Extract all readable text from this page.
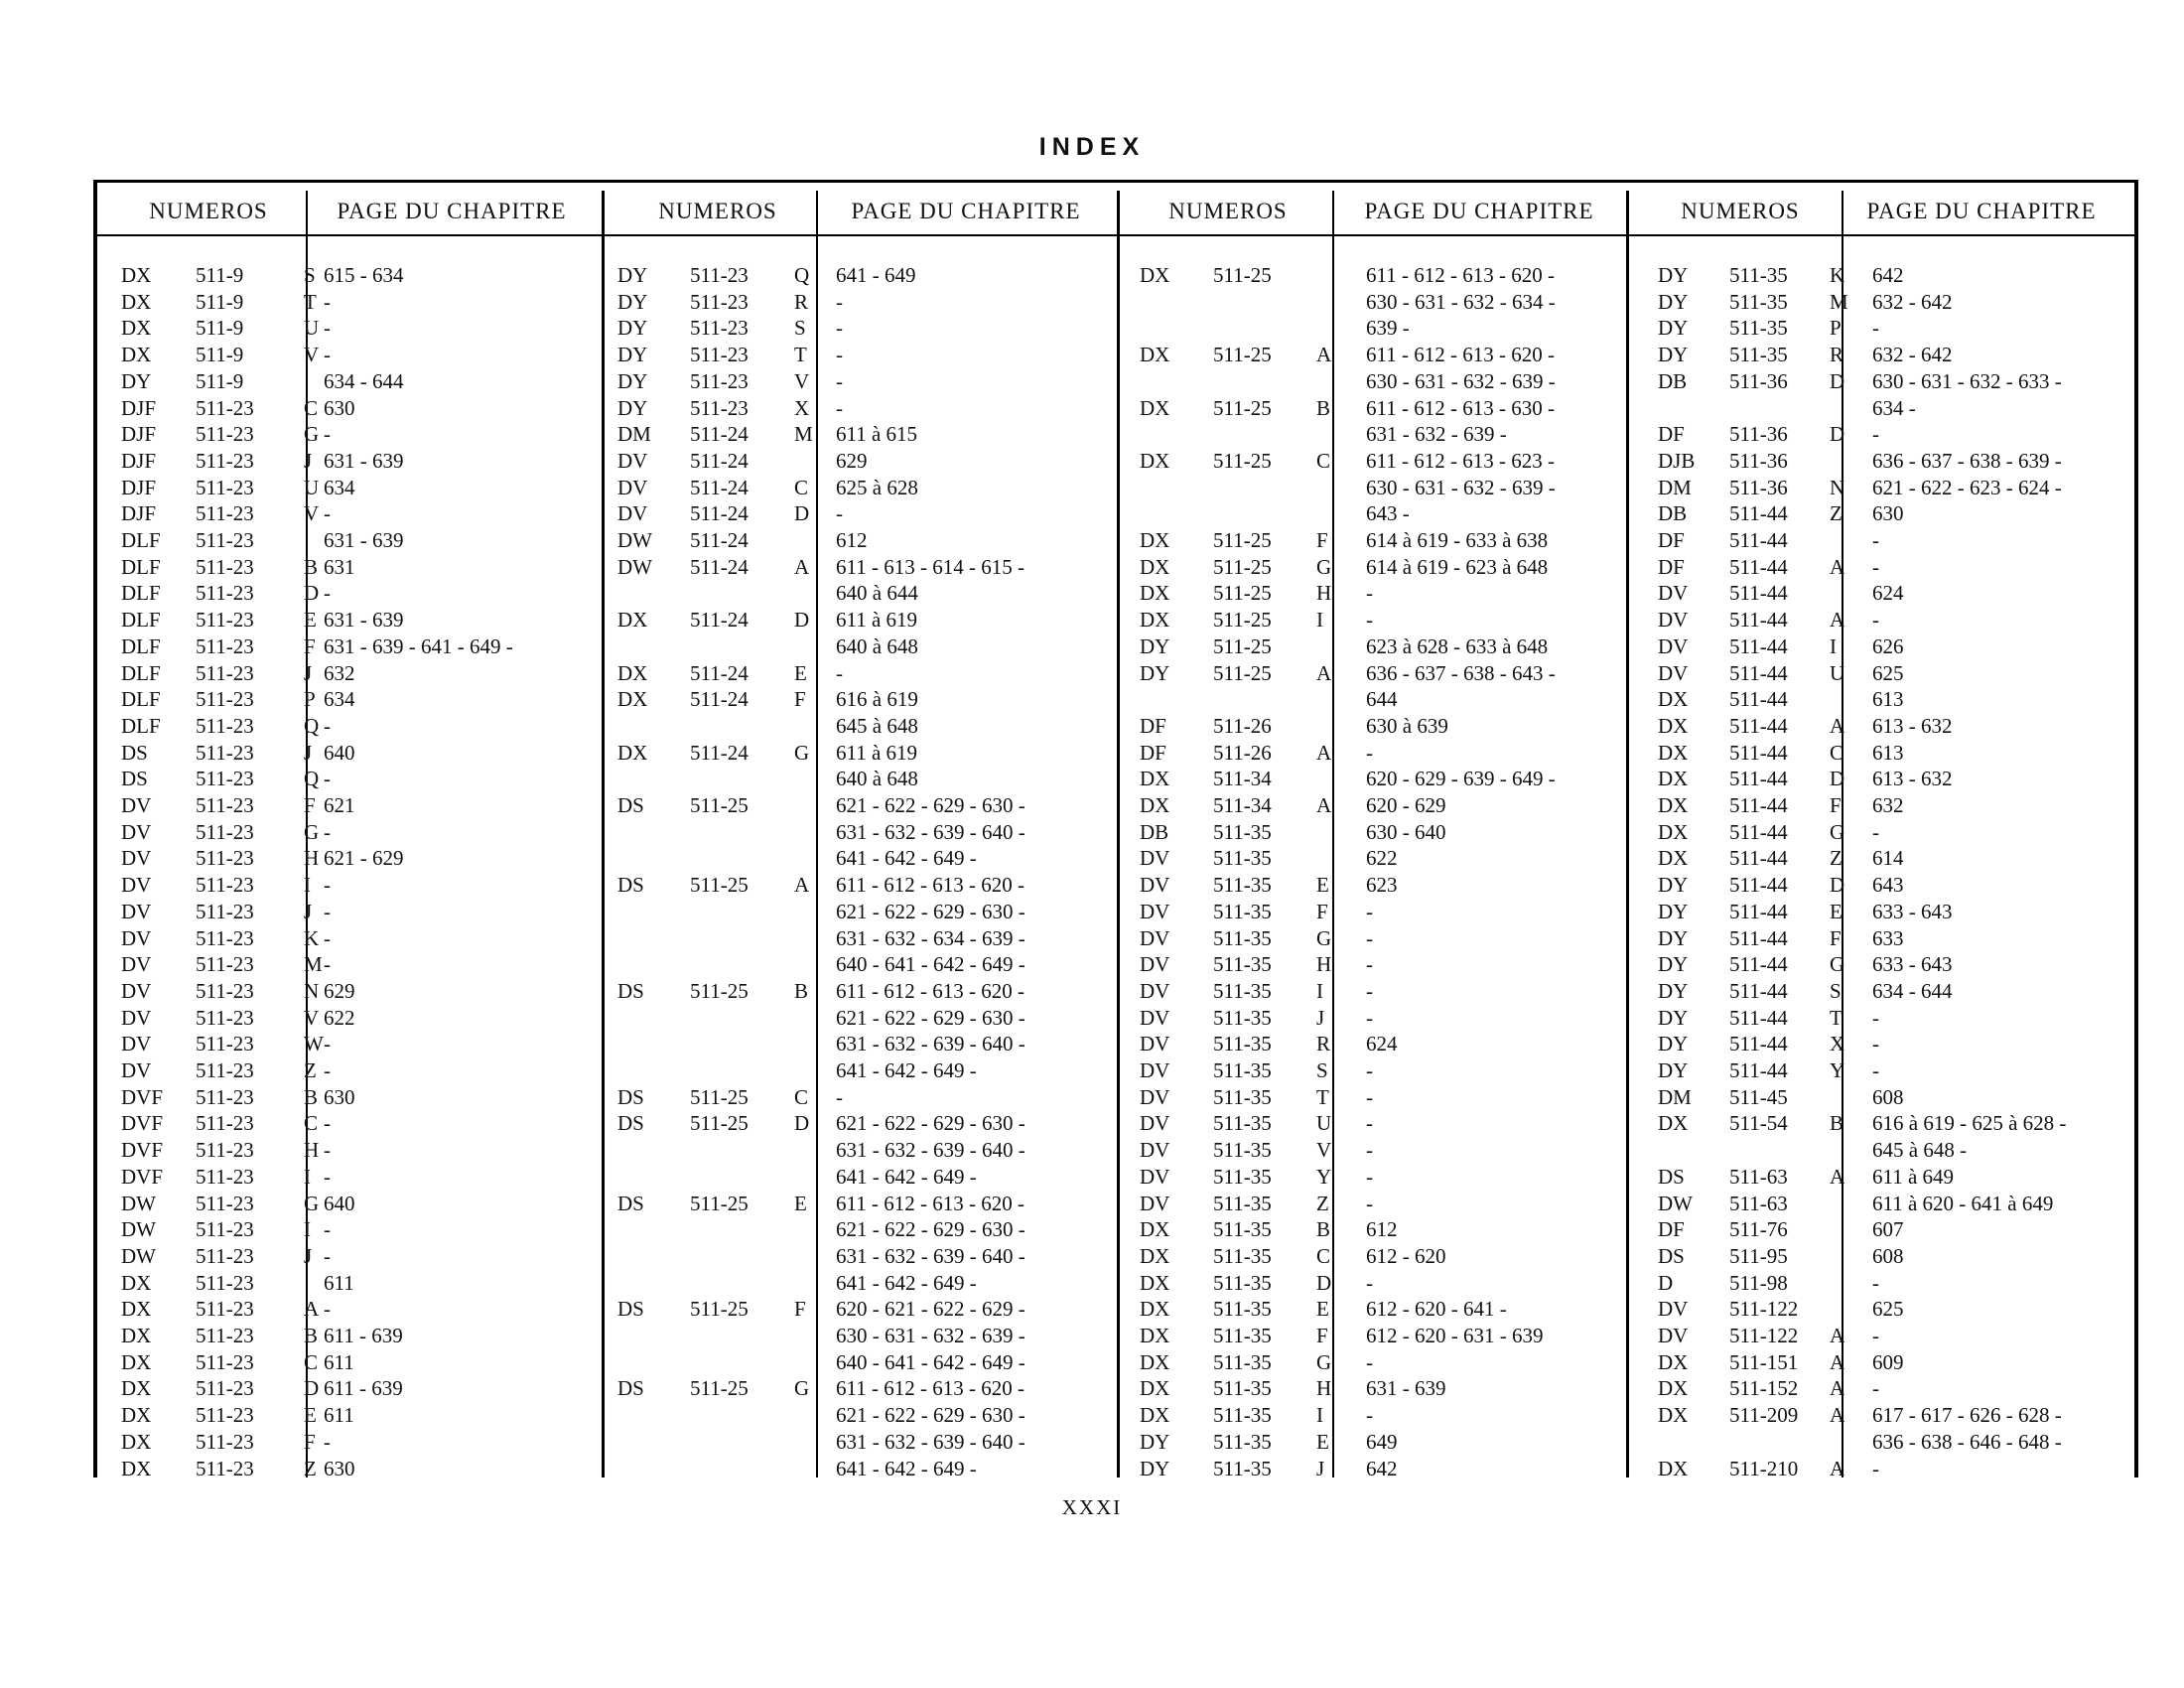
INDEX
NUMEROS	PAGE DU CHAPITRE
DX 511-9	S 615 - 634
DX 511-9	T -
DX 511-9	U -
DX 511-9	V -
DY 511-9	634 - 644
DJF 511-23 C 630
DJF 511-23 G -
DJF 511-23 J 631 - 639
DJF 511-23 U 634
DJF 511-23 V -
DLF 511-23	631 - 639
DLF 511-23 B 631
DLF 511-23 D -
DLF 511-23 E 631 - 639
DLF 511-23 F 631 - 639 - 641 - 649 -
DLF 511-23 J 632
DLF 511-23 P 634
DLF 511-23 Q -
DS 511-23 J 640
DS 511-23 Q -
DV 511-23 F 621
DV 511-23 G -
DV 511-23 H 621 - 629
DV 511-23 I -
DV 511-23 J -
DV 511-23 K -
DV 511-23 M -
DV 511-23 N 629
DV 511-23 V 622
DV 511-23 W -
DV 511-23 Z -
DVF 511-23 B 630
DVF 511-23 C -
DVF 511-23 H -
DVF 511-23 I -
DW 511-23 G 640
DW 511-23 I -
DW 511-23 J -
DX 511-23	611
DX 511-23 A -
DX 511-23 B 611 - 639
DX 511-23 C 611
DX 511-23 D 611 - 639
DX 511-23 E 611
DX 511-23 F -
DX 511-23 Z 630
NUMEROS	PAGE DU CHAPITRE
DY 511-23 Q 641 - 649
DY 511-23 R -
DY 511-23 S -
DY 511-23 T -
DY 511-23 V -
DY 511-23 X -
DM 511-24 M 611 à 615
DV 511-24	629
DV 511-24 C 625 à 628
DV 511-24 D -
DW 511-24	612
DW 511-24 A 611 - 613 - 614 - 615 -
640 à 644
DX 511-24 D 611 à 619
640 à 648
DX 511-24 E -
DX 511-24 F 616 à 619
645 à 648
DX 511-24 G 611 à 619
640 à 648
DS 511-25	621 - 622 - 629 - 630 -
631 - 632 - 639 - 640 -
641 - 642 - 649 -
DS 511-25 A 611 - 612 - 613 - 620 -
621 - 622 - 629 - 630 -
631 - 632 - 634 - 639 -
640 - 641 - 642 - 649 -
DS 511-25 B 611 - 612 - 613 - 620 -
621 - 622 - 629 - 630 -
631 - 632 - 639 - 640 -
641 - 642 - 649 -
DS 511-25 C -
DS 511-25 D 621 - 622 - 629 - 630 -
631 - 632 - 639 - 640 -
641 - 642 - 649 -
DS 511-25 E 611 - 612 - 613 - 620 -
621 - 622 - 629 - 630 -
631 - 632 - 639 - 640 -
641 - 642 - 649 -
DS 511-25 F 620 - 621 - 622 - 629 -
630 - 631 - 632 - 639 -
640 - 641 - 642 - 649 -
DS 511-25 G 611 - 612 - 613 - 620 -
621 - 622 - 629 - 630 -
631 - 632 - 639 - 640 -
641 - 642 - 649 -
NUMEROS	PAGE DU CHAPITRE
DX 511-25	611 - 612 - 613 - 620 -
630 - 631 - 632 - 634 -
639 -
DX 511-25 A 611 - 612 - 613 - 620 -
630 - 631 - 632 - 639 -
DX 511-25 B 611 - 612 - 613 - 630 -
631 - 632 - 639 -
DX 511-25 C 611 - 612 - 613 - 623 -
630 - 631 - 632 - 639 -
643 -
DX 511-25 F 614 à 619 - 633 à 638
DX 511-25 G 614 à 619 - 623 à 648
DX 511-25 H -
DX 511-25 I -
DY 511-25	623 à 628 - 633 à 648
DY 511-25 A 636 - 637 - 638 - 643 -
644
DF 511-26	630 à 639
DF 511-26 A -
DX 511-34	620 - 629 - 639 - 649 -
DX 511-34 A 620 - 629
DB 511-35	630 - 640
DV 511-35	622
DV 511-35 E 623
DV 511-35 F -
DV 511-35 G -
DV 511-35 H -
DV 511-35 I -
DV 511-35 J -
DV 511-35 R 624
DV 511-35 S -
DV 511-35 T -
DV 511-35 U -
DV 511-35 V -
DV 511-35 Y -
DV 511-35 Z -
DX 511-35 B 612
DX 511-35 C 612 - 620
DX 511-35 D -
DX 511-35 E 612 - 620 - 641 -
DX 511-35 F 612 - 620 - 631 - 639
DX 511-35 G -
DX 511-35 H 631 - 639
DX 511-35 I -
DY 511-35 E 649
DY 511-35 J 642
NUMEROS	PAGE DU CHAPITRE
DY 511-35 K 642
DY 511-35 M 632 - 642
DY 511-35 P -
DY 511-35 R 632 - 642
DB 511-36 D 630 - 631 - 632 - 633 -
634 -
DF 511-36 D -
DJB 511-36	636 - 637 - 638 - 639 -
DM 511-36 N 621 - 622 - 623 - 624 -
DB 511-44 Z 630
DF 511-44	-
DF 511-44 A -
DV 511-44	624
DV 511-44 A -
DV 511-44 I 626
DV 511-44 U 625
DX 511-44	613
DX 511-44 A 613 - 632
DX 511-44 C 613
DX 511-44 D 613 - 632
DX 511-44 F 632
DX 511-44 G -
DX 511-44 Z 614
DY 511-44 D 643
DY 511-44 E 633 - 643
DY 511-44 F 633
DY 511-44 G 633 - 643
DY 511-44 S 634 - 644
DY 511-44 T -
DY 511-44 X -
DY 511-44 Y -
DM 511-45	608
DX 511-54 B 616 à 619 - 625 à 628 -
645 à 648 -
DS 511-63 A 611 à 649
DW 511-63	611 à 620 - 641 à 649
DF 511-76	607
DS 511-95	608
D	511-98	-
DV 511-122	625
DV 511-122 A -
DX 511-151 A 609
DX 511-152 A -
DX 511-209 A 617 - 617 - 626 - 628 -
636 - 638 - 646 - 648 -
DX 511-210 A -
XXXI
